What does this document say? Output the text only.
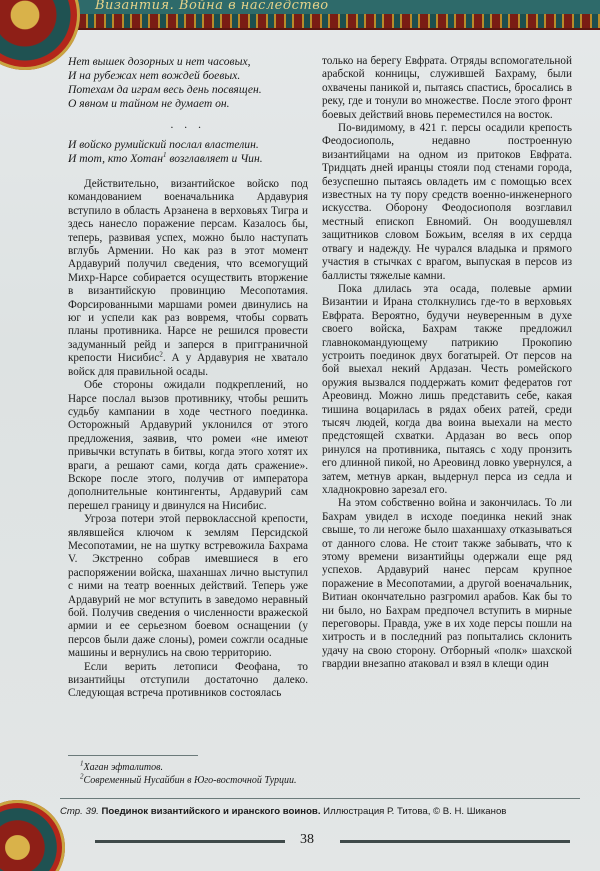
Византия. Война в наследство
Нет вышек дозорных и нет часовых,
И на рубежах нет вождей боевых.
Потехам да играм весь день посвящен.
О явном и тайном не думает он.
. . .
И войско румийский послал властелин.
И тот, кто Хотан$^1$ возглавляет и Чин.

Действительно, византийское войско под командованием военачальника Ардавурия вступило в область Арзанена в верховьях Тигра и здесь нанесло поражение персам. Казалось бы, теперь, развивая успех, можно было наступать вглубь Армении. Но как раз в этот момент Ардавурий получил сведения, что всемогущий Михр-Нарсе собирается осуществить вторжение в византийскую провинцию Месопотамия. Форсированными маршами ромеи двинулись на юг и успели как раз вовремя, чтобы сорвать планы противника. Нарсе не решился провести задуманный рейд и заперся в пригграничной крепости Нисибис$^2$. А у Ардавурия не хватало войск для правильной осады.

Обе стороны ожидали подкреплений, но Нарсе послал вызов противнику, чтобы решить судьбу кампании в ходе честного поединка. Осторожный Ардавурий уклонился от этого предложения, заявив, что ромеи «не имеют привычки вступать в битвы, когда этого хотят их враги, а решают сами, когда дать сражение». Вскоре после этого, получив от императора дополнительные контингенты, Ардавурий сам перешел границу и двинулся на Нисибис.

Угроза потери этой первоклассной крепости, являвшейся ключом к землям Персидской Месопотамии, не на шутку встревожила Бахрама V. Экстренно собрав имевшиеся в его распоряжении войска, шаханшах лично выступил с ними на театр военных действий. Теперь уже Ардавурий не мог вступить в заведомо неравный бой. Получив сведения о численности вражеской армии и ее серьезном боевом оснащении (у персов были даже слоны), ромеи сожгли осадные машины и вернулись на свою территорию.

Если верить летописи Феофана, то византийцы отступили достаточно далеко. Следующая встреча противников состоялась

только на берегу Евфрата. Отряды вспомогательной арабской конницы, служившей Бахраму, были охвачены паникой и, пытаясь спастись, бросались в реку, где и тонули во множестве. После этого фронт боевых действий вновь переместился на восток.

По-видимому, в 421 г. персы осадили крепость Феодосиополь, недавно построенную византийцами на одном из притоков Евфрата. Тридцать дней иранцы стояли под стенами города, безуспешно пытаясь овладеть им с помощью всех известных на ту пору средств военно-инженерного искусства. Оборону Феодосиополя возглавил местный епископ Евномий. Он воодушевлял защитников словом Божьим, вселяя в их сердца отвагу и надежду. Не чурался владыка и прямого участия в стычках с врагом, выпуская в персов из баллисты тяжелые камни.

Пока длилась эта осада, полевые армии Византии и Ирана столкнулись где-то в верховьях Евфрата. Вероятно, будучи неуверенным в духе своего войска, Бахрам также предложил главнокомандующему патрикию Прокопию устроить поединок двух богатырей. От персов на бой выехал некий Ардазан. Честь ромейского оружия вызвался поддержать комит федератов гот Ареовинд. Можно лишь представить себе, какая тишина воцарилась в рядах обеих ратей, среди тысяч людей, когда два воина выехали на место предстоящей схватки. Ардазан во весь опор ринулся на противника, пытаясь с ходу пронзить его длинной пикой, но Ареовинд ловко увернулся, а затем, метнув аркан, выдернул перса из седла и хладнокровно зарезал его.

На этом собственно война и закончилась. То ли Бахрам увидел в исходе поединка некий знак свыше, то ли негоже было шаханшаху отказываться от данного слова. Не стоит также забывать, что к этому времени византийцы одержали еще ряд успехов. Ардавурий нанес персам крупное поражение в Месопотамии, а другой военачальник, Витиан окончательно разгромил арабов. Как бы то ни было, но Бахрам предпочел вступить в мирные переговоры. Правда, уже в их ходе персы пошли на хитрость и в последний раз попытались склонить удачу на свою сторону. Отборный «полк» шахской гвардии внезапно атаковал и взял в клещи один

$^1$Хаган эфталитов.
$^2$Современный Нусайбин в Юго-восточной Турции.
Стр. 39. Поединок византийского и иранского воинов. Иллюстрация Р. Титова, © В. Н. Шиканов
38
